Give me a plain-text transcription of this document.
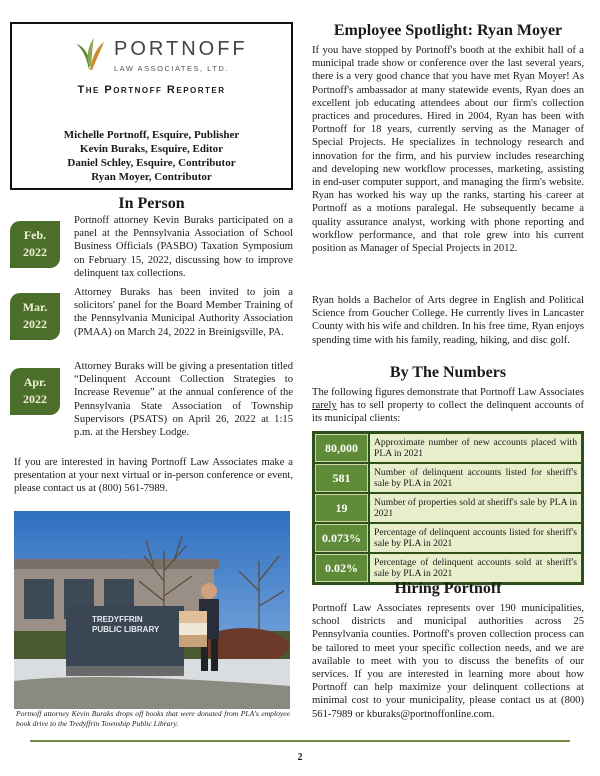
PORTNOFF
LAW ASSOCIATES, LTD.
The Portnoff Reporter
Michelle Portnoff, Esquire, Publisher
Kevin Buraks, Esquire, Editor
Daniel Schley, Esquire, Contributor
Ryan Moyer, Contributor
In Person
Feb.
2022

Portnoff attorney Kevin Buraks participated on a panel at the Pennsylvania Association of School Business Officials (PASBO) Taxation Symposium on February 15, 2022, discussing how to improve delinquent tax collections.

Mar.
2022

Attorney Buraks has been invited to join a solicitors' panel for the Board Member Training of the Pennsylvania Municipal Authority Association (PMAA) on March 24, 2022 in Breinigsville, PA.

Apr.
2022

Attorney Buraks will be giving a presentation titled “Delinquent Account Collection Strategies to Increase Revenue” at the annual conference of the Pennsylvania State Association of Township Supervisors (PSATS) on April 26, 2022 at 1:15 p.m. at the Hershey Lodge.

If you are interested in having Portnoff Law Associates make a presentation at your next virtual or in-person conference or event, please contact us at (800) 561-7989.

TREDYFFRIN
PUBLIC LIBRARY

Portnoff attorney Kevin Buraks drops off books that were donated from PLA's employee book drive to the Tredyffrin Township Public Library.

Employee Spotlight: Ryan Moyer

If you have stopped by Portnoff's booth at the exhibit hall of a municipal trade show or conference over the last several years, there is a very good chance that you have met Ryan Moyer! As Portnoff's ambassador at many statewide events, Ryan does an excellent job educating attendees about our firm's collection practices and procedures. Hired in 2004, Ryan has been with Portnoff for 18 years, currently serving as the Manager of Special Projects. He specializes in technology research and innovation for the firm, and his purview includes researching and developing new workflow processes, marketing, assisting in end-user computer support, and managing the firm's website. Ryan has worked his way up the ranks, starting his career at Portnoff as a motions paralegal. He subsequently became a quality assurance analyst, working with phone reporting and workflow performance, and that role grew into his current position as Manager of Special Projects in 2012.

Ryan holds a Bachelor of Arts degree in English and Political Science from Goucher College. He currently lives in Lancaster County with his wife and children. In his free time, Ryan enjoys spending time with his family, reading, hiking, and disc golf.

By The Numbers

The following figures demonstrate that Portnoff Law Associates rarely has to sell property to collect the delinquent accounts of its municipal clients:

80,000	Approximate number of new accounts placed with PLA in 2021
581	Number of delinquent accounts listed for sheriff's sale by PLA in 2021
19	Number of properties sold at sheriff's sale by PLA in 2021
0.073%	Percentage of delinquent accounts listed for sheriff's sale by PLA in 2021
0.02%	Percentage of delinquent accounts sold at sheriff's sale by PLA in 2021
Hiring Portnoff

Portnoff Law Associates represents over 190 municipalities, school districts and municipal authorities across 25 Pennsylvania counties. Portnoff's proven collection process can be tailored to meet your specific collection needs, and we are available to meet with you to discuss the benefits of our services. If you are interested in learning more about how Portnoff can help maximize your delinquent collections at minimal cost to your municipality, please contact us at (800) 561-7989 or kburaks@portnoffonline.com.

2
